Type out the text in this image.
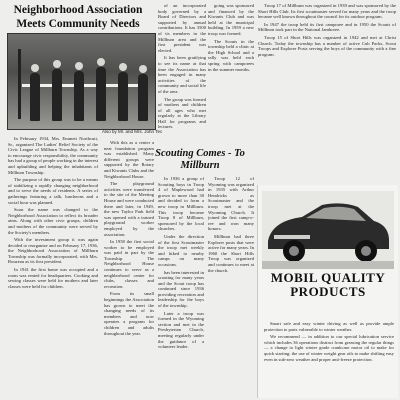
Neighborhood Association Meets Community Needs
Also by Mr. and Mrs. John Tec

In February 1934, Mrs. Emmett Northcutt, Sr., organized The Ladies' Relief Society of the Civic League of Millburn Township. As a way to encourage civic responsibility, the community has had a group of people working in the interest and upbuilding and helping the inhabitants of Millburn Township.

The purpose of this group was to be a means of stabilizing a rapidly changing neighborhood and to serve the needs of residents. A series of gatherings featuring a talk, luncheons and a social hour was planned.

Soon the name was changed to the Neighborhood Association to reflect its broader aims. Along with other civic groups, children and mothers of the community were served by the Society's members.

With the investment group it was again decided to reorganize and on February 17, 1936, the Neighborhood Association of Millburn Township was formally incorporated, with Mrs. Rouzeau as its first president.

In 1941 the first home was occupied and a room was rented for headquarters. Cooking and sewing classes were held for mothers and later classes were held for children.

With this as a center a neat foundation program was established. Many different groups were supported by the Rotary and Kiwanis Clubs and the Neighborhood House.

The playground activities were transferred to the site of the Meeting House and were conducted there and later, in 1949, the new Taylor Park field was opened with a trained playground worker employed by the association.

In 1958 the first social worker to be employed was paid in part by the Township. The Neighborhood House continues to serve as a neighborhood center for clubs, classes and recreation.

From its small beginnings the Association has grown to meet the changing needs of its members and now operates a program for children and adults throughout the year.

of an incorporated body governed by a Board of Directors and supported by annual contributions. It has 3500 of its members in the Millburn area and the first president was elected.

It has been gratifying to see its name at that time the Association has been engaged in many activities of the community and social life of the area.

The group was formed of mothers and children of all ages who met regularly at the Library Hall for programs and lectures.

Scouting Comes - To Millburn

In 1936 a group of Scouting boys in Troop 4 of Maplewood had grown to more than 30 and decided to form a new troop in Millburn. This troop became Troop 8 of Millburn, sponsored by the local churches.

Under the direction of the first Scoutmaster the troop met weekly and hiked to nearby camps on many occasions.

has been interested in scouting for many years and the Scout troop has continued since 1936 providing recreation and leadership for the boys of the township.

Later a troop was formed in the Wyoming section and met in the Presbyterian Church, meeting regularly under the guidance of a volunteer leader.

Troop 12 of Wyoming was organized in 1935 with Arthur Hendricks as Scoutmaster and the troop met at the Wyoming Church. It joined the first camp-o-ree and won many honors.

Millburn had three Explorer posts that were active for many years. In 1960 the Short Hills Troop was organized and continues to meet at the church.

going was sponsored and financed by the Kiwanis Club and was held at the municipal building. In 1959 a new troop was formed.

The Scouts in the township held a clinic at the High School and a rally was held each spring with camporees in the summer months.

Troop 17 of Millburn was organized in 1939 and was sponsored by the Short Hills Club. Its first scoutmaster served for many years and the troop became well known throughout the council for its outdoor program.

In 1947 the troop held its first camporee and in 1950 the Scouts of Millburn took part in the National Jamboree.

Troop 15 of Short Hills was organized in 1942 and met at Christ Church. Today the township has a number of active Cub Packs, Scout Troops and Explorer Posts serving the boys of the community with a fine program.

MOBIL QUALITY PRODUCTS

Smart safe and easy winter driving as well as provide ample protection to parts vulnerable to winter weather.

We recommend — in addition to our special lubrication service which includes 36 operations distinct from greasing the regular things — a change to light winter grade crankcase motor oil to make for quick starting; the use of winter weight gear oils to make shifting easy even in sub-zero weather and proper anti-freeze protection.
